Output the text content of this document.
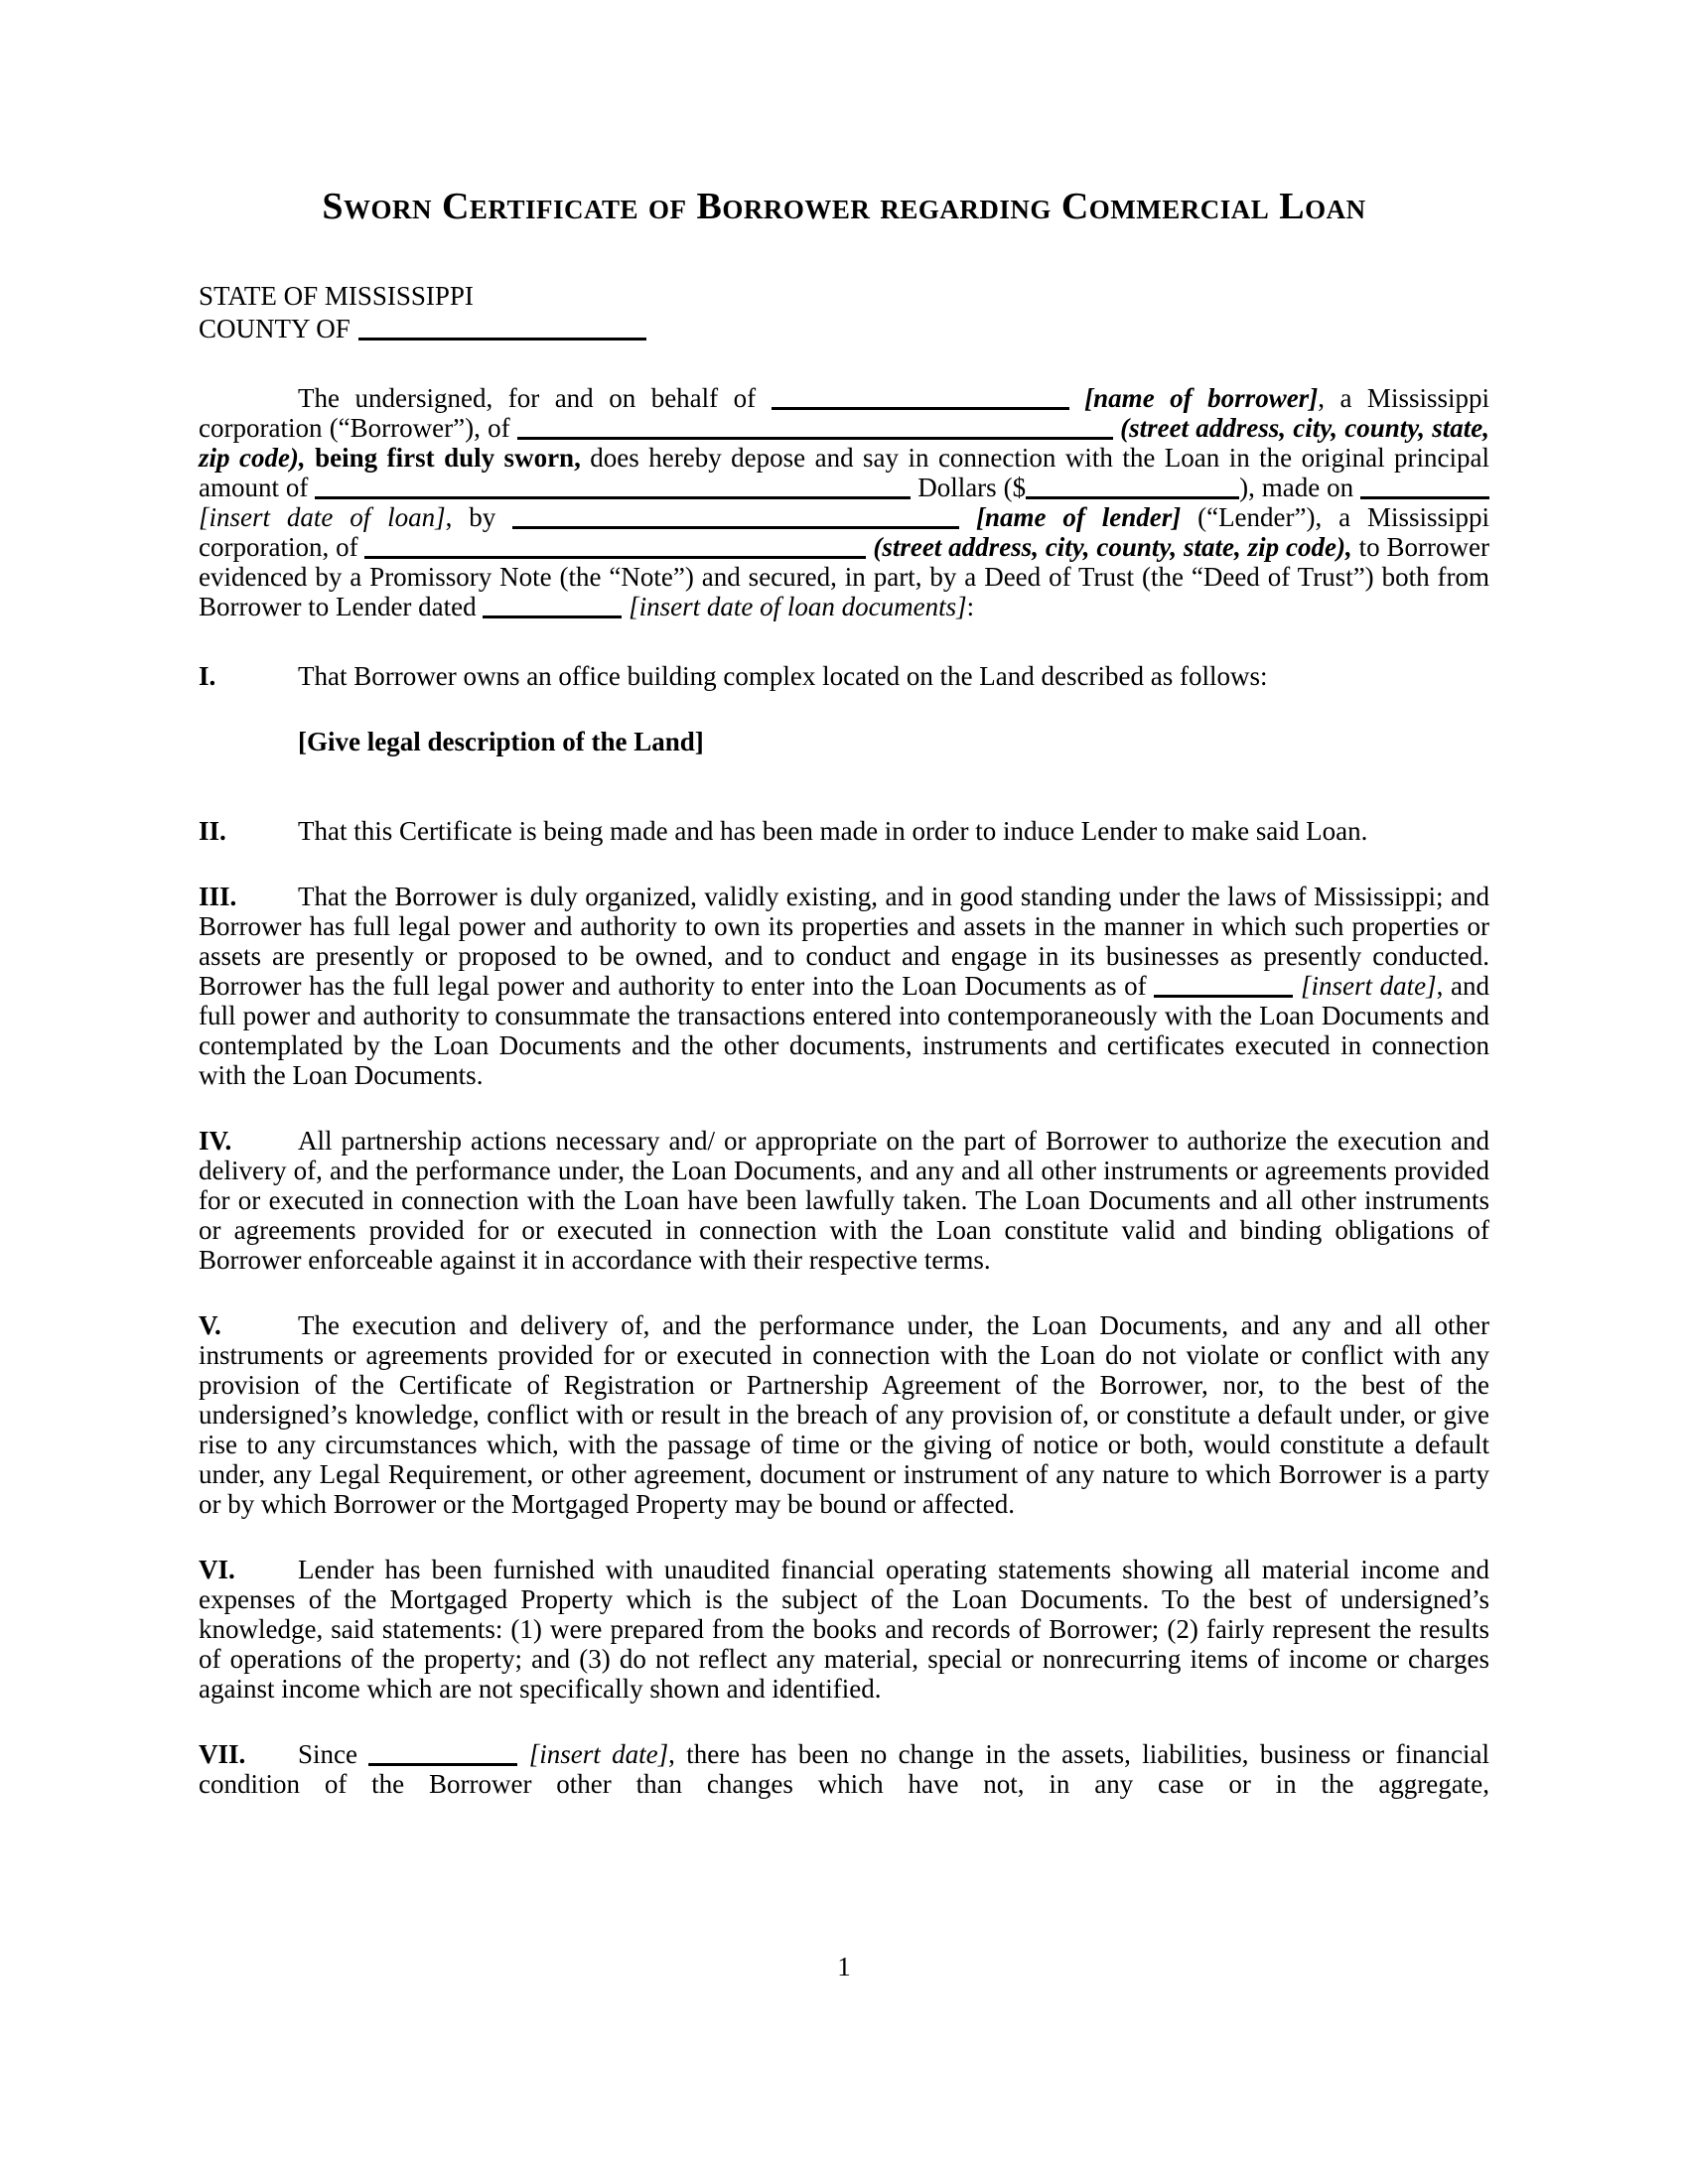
Sworn Certificate of Borrower regarding Commercial Loan

STATE OF MISSISSIPPI

COUNTY OF

The undersigned, for and on behalf of	[name of borrower], a Mississippi corporation (“Borrower”), of	(street address, city, county, state, zip code), being first duly sworn, does hereby depose and say in connection with the Loan in the original principal amount of	Dollars ($	), made on  [insert date of loan], by	[name of lender] (“Lender”), a Mississippi corporation, of	(street address, city, county, state, zip code), to Borrower evidenced by a Promissory Note (the “Note”) and secured, in part, by a Deed of Trust (the “Deed of Trust”) both from Borrower to Lender dated	[insert date of loan documents]:

I.	That Borrower owns an office building complex located on the Land described as follows:

[Give legal description of the Land]

II.	That this Certificate is being made and has been made in order to induce Lender to make said Loan.

III. That the Borrower is duly organized, validly existing, and in good standing under the laws of Mississippi; and Borrower has full legal power and authority to own its properties and assets in the manner in which such properties or assets are presently or proposed to be owned, and to conduct and engage in its businesses as presently conducted. Borrower has the full legal power and authority to enter into the Loan Documents as of	[insert date], and full power and authority to consummate the transactions entered into contemporaneously with the Loan Documents and contemplated by the Loan Documents and the other documents, instruments and certificates executed in connection with the Loan Documents.

IV. All partnership actions necessary and/ or appropriate on the part of Borrower to authorize the execution and delivery of, and the performance under, the Loan Documents, and any and all other instruments or agreements provided for or executed in connection with the Loan have been lawfully taken. The Loan Documents and all other instruments or agreements provided for or executed in connection with the Loan constitute valid and binding obligations of Borrower enforceable against it in accordance with their respective terms.

V.	The execution and delivery of, and the performance under, the Loan Documents, and any and all other instruments or agreements provided for or executed in connection with the Loan do not violate or conflict with any provision of the Certificate of Registration or Partnership Agreement of the Borrower, nor, to the best of the undersigned’s knowledge, conflict with or result in the breach of any provision of, or constitute a default under, or give rise to any circumstances which, with the passage of time or the giving of notice or both, would constitute a default under, any Legal Requirement, or other agreement, document or instrument of any nature to which Borrower is a party or by which Borrower or the Mortgaged Property may be bound or affected.

VI. Lender has been furnished with unaudited financial operating statements showing all material income and expenses of the Mortgaged Property which is the subject of the Loan Documents. To the best of undersigned’s knowledge, said statements: (1) were prepared from the books and records of Borrower; (2) fairly represent the results of operations of the property; and (3) do not reflect any material, special or nonrecurring items of income or charges against income which are not specifically shown and identified.

VII. Since	[insert date], there has been no change in the assets, liabilities, business or financial condition of the Borrower other than changes which have not, in any case or in the aggregate,

1
